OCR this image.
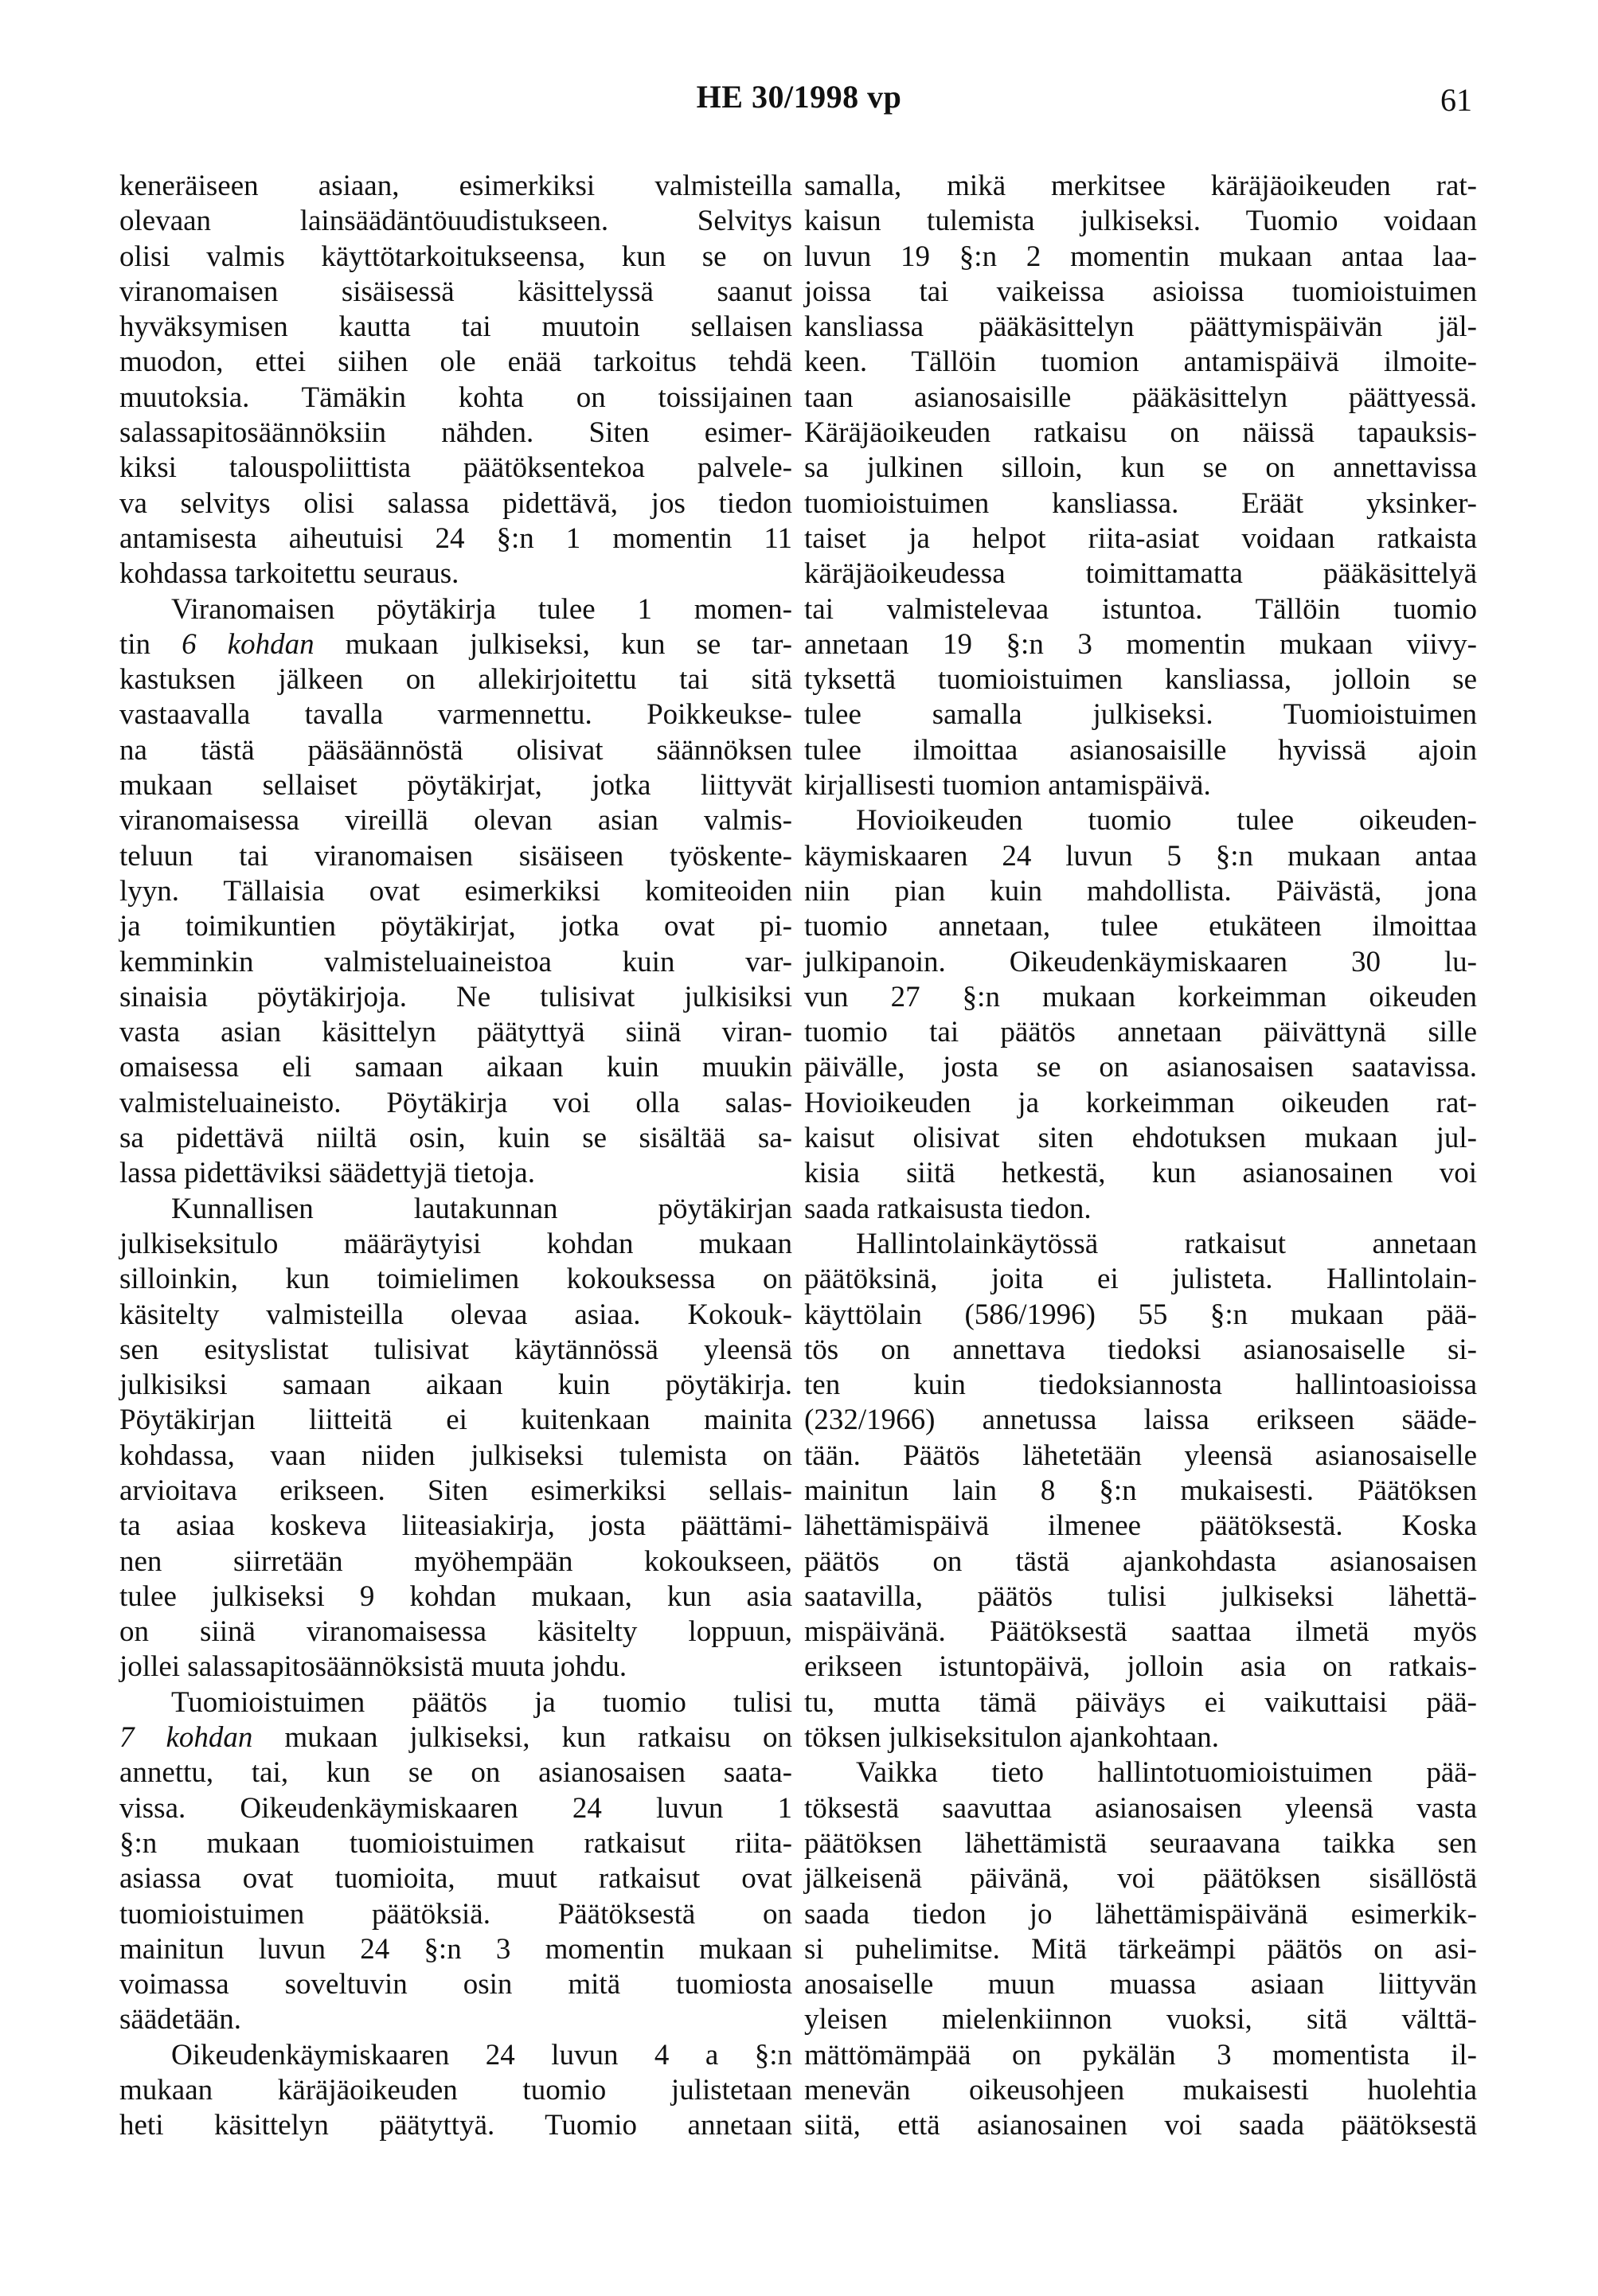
HE 30/1998 vp	61
keneräiseen asiaan, esimerkiksi valmisteilla
olevaan lainsäädäntöuudistukseen. Selvitys
olisi valmis käyttötarkoitukseensa, kun se on
viranomaisen sisäisessä käsittelyssä saanut
hyväksymisen kautta tai muutoin sellaisen
muodon, ettei siihen ole enää tarkoitus tehdä
muutoksia. Tämäkin kohta on toissijainen
salassapitosäännöksiin nähden. Siten esimer-
kiksi talouspoliittista päätöksentekoa palvele-
va selvitys olisi salassa pidettävä, jos tiedon
antamisesta aiheutuisi 24 §:n 1 momentin 11
kohdassa tarkoitettu seuraus.
Viranomaisen pöytäkirja tulee 1 momen-
tin 6 kohdan mukaan julkiseksi, kun se tar-
kastuksen jälkeen on allekirjoitettu tai sitä
vastaavalla tavalla varmennettu. Poikkeukse-
na tästä pääsäännöstä olisivat säännöksen
mukaan sellaiset pöytäkirjat, jotka liittyvät
viranomaisessa vireillä olevan asian valmis-
teluun tai viranomaisen sisäiseen työskente-
lyyn. Tällaisia ovat esimerkiksi komiteoiden
ja toimikuntien pöytäkirjat, jotka ovat pi-
kemminkin valmisteluaineistoa kuin var-
sinaisia pöytäkirjoja. Ne tulisivat julkisiksi
vasta asian käsittelyn päätyttyä siinä viran-
omaisessa eli samaan aikaan kuin muukin
valmisteluaineisto. Pöytäkirja voi olla salas-
sa pidettävä niiltä osin, kuin se sisältää sa-
lassa pidettäviksi säädettyjä tietoja.
Kunnallisen lautakunnan pöytäkirjan
julkiseksitulo määräytyisi kohdan mukaan
silloinkin, kun toimielimen kokouksessa on
käsitelty valmisteilla olevaa asiaa. Kokouk-
sen esityslistat tulisivat käytännössä yleensä
julkisiksi samaan aikaan kuin pöytäkirja.
Pöytäkirjan liitteitä ei kuitenkaan mainita
kohdassa, vaan niiden julkiseksi tulemista on
arvioitava erikseen. Siten esimerkiksi sellais-
ta asiaa koskeva liiteasiakirja, josta päättämi-
nen siirretään myöhempään kokoukseen,
tulee julkiseksi 9 kohdan mukaan, kun asia
on siinä viranomaisessa käsitelty loppuun,
jollei salassapitosäännöksistä muuta johdu.
Tuomioistuimen päätös ja tuomio tulisi
7 kohdan mukaan julkiseksi, kun ratkaisu on
annettu, tai, kun se on asianosaisen saata-
vissa. Oikeudenkäymiskaaren 24 luvun 1
§:n mukaan tuomioistuimen ratkaisut riita-
asiassa ovat tuomioita, muut ratkaisut ovat
tuomioistuimen päätöksiä. Päätöksestä on
mainitun luvun 24 §:n 3 momentin mukaan
voimassa soveltuvin osin mitä tuomiosta
säädetään.
Oikeudenkäymiskaaren 24 luvun 4 a §:n
mukaan käräjäoikeuden tuomio julistetaan
heti käsittelyn päätyttyä. Tuomio annetaan
samalla, mikä merkitsee käräjäoikeuden rat-
kaisun tulemista julkiseksi. Tuomio voidaan
luvun 19 §:n 2 momentin mukaan antaa laa-
joissa tai vaikeissa asioissa tuomioistuimen
kansliassa pääkäsittelyn päättymispäivän jäl-
keen. Tällöin tuomion antamispäivä ilmoite-
taan asianosaisille pääkäsittelyn päättyessä.
Käräjäoikeuden ratkaisu on näissä tapauksis-
sa julkinen silloin, kun se on annettavissa
tuomioistuimen kansliassa. Eräät yksinker-
taiset ja helpot riita-asiat voidaan ratkaista
käräjäoikeudessa toimittamatta pääkäsittelyä
tai valmistelevaa istuntoa. Tällöin tuomio
annetaan 19 §:n 3 momentin mukaan viivy-
tyksettä tuomioistuimen kansliassa, jolloin se
tulee samalla julkiseksi. Tuomioistuimen
tulee ilmoittaa asianosaisille hyvissä ajoin
kirjallisesti tuomion antamispäivä.
Hovioikeuden tuomio tulee oikeuden-
käymiskaaren 24 luvun 5 §:n mukaan antaa
niin pian kuin mahdollista. Päivästä, jona
tuomio annetaan, tulee etukäteen ilmoittaa
julkipanoin. Oikeudenkäymiskaaren 30 lu-
vun 27 §:n mukaan korkeimman oikeuden
tuomio tai päätös annetaan päivättynä sille
päivälle, josta se on asianosaisen saatavissa.
Hovioikeuden ja korkeimman oikeuden rat-
kaisut olisivat siten ehdotuksen mukaan jul-
kisia siitä hetkestä, kun asianosainen voi
saada ratkaisusta tiedon.
Hallintolainkäytössä ratkaisut annetaan
päätöksinä, joita ei julisteta. Hallintolain-
käyttölain (586/1996) 55 §:n mukaan pää-
tös on annettava tiedoksi asianosaiselle si-
ten kuin tiedoksiannosta hallintoasioissa
(232/1966) annetussa laissa erikseen sääde-
tään. Päätös lähetetään yleensä asianosaiselle
mainitun lain 8 §:n mukaisesti. Päätöksen
lähettämispäivä ilmenee päätöksestä. Koska
päätös on tästä ajankohdasta asianosaisen
saatavilla, päätös tulisi julkiseksi lähettä-
mispäivänä. Päätöksestä saattaa ilmetä myös
erikseen istuntopäivä, jolloin asia on ratkais-
tu, mutta tämä päiväys ei vaikuttaisi pää-
töksen julkiseksitulon ajankohtaan.
Vaikka tieto hallintotuomioistuimen pää-
töksestä saavuttaa asianosaisen yleensä vasta
päätöksen lähettämistä seuraavana taikka sen
jälkeisenä päivänä, voi päätöksen sisällöstä
saada tiedon jo lähettämispäivänä esimerkik-
si puhelimitse. Mitä tärkeämpi päätös on asi-
anosaiselle muun muassa asiaan liittyvän
yleisen mielenkiinnon vuoksi, sitä välttä-
mättömämpää on pykälän 3 momentista il-
menevän oikeusohjeen mukaisesti huolehtia
siitä, että asianosainen voi saada päätöksestä
